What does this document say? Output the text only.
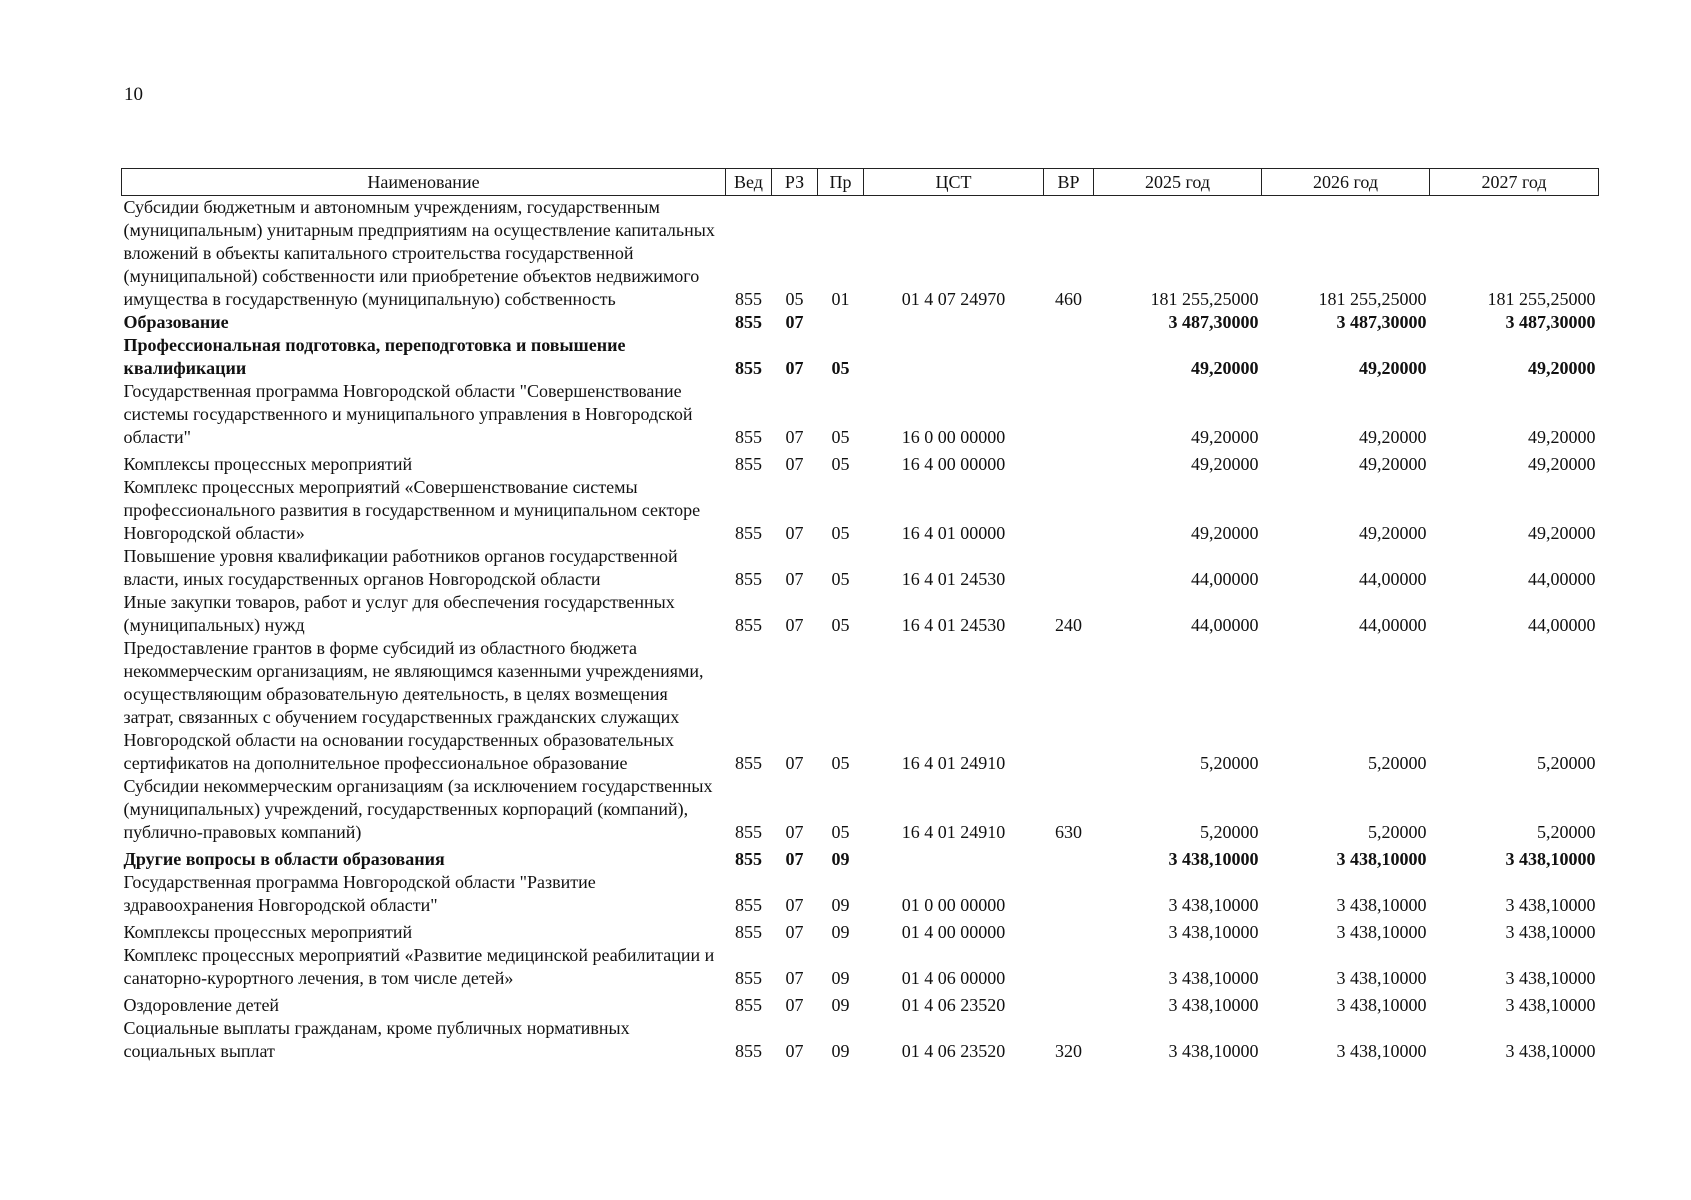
10
Наименование	Вед	РЗ	Пр	ЦСТ	ВР	2025 год	2026 год	2027 год
Субсидии бюджетным и автономным учреждениям, государственным (муниципальным) унитарным предприятиям на осуществление капитальных вложений в объекты капитального строительства государственной (муниципальной) собственности или приобретение объектов недвижимого имущества в государственную (муниципальную) собственность	855	05	01	01 4 07 24970	460	181 255,25000	181 255,25000	181 255,25000
Образование	855	07				3 487,30000	3 487,30000	3 487,30000
Профессиональная подготовка, переподготовка и повышение квалификации	855	07	05			49,20000	49,20000	49,20000
Государственная программа Новгородской области "Совершенствование системы государственного и муниципального управления в Новгородской области"	855	07	05	16 0 00 00000		49,20000	49,20000	49,20000
Комплексы процессных мероприятий	855	07	05	16 4 00 00000		49,20000	49,20000	49,20000
Комплекс процессных мероприятий «Совершенствование системы профессионального развития в государственном и муниципальном секторе Новгородской области»	855	07	05	16 4 01 00000		49,20000	49,20000	49,20000
Повышение уровня квалификации работников органов государственной власти, иных государственных органов Новгородской области	855	07	05	16 4 01 24530		44,00000	44,00000	44,00000
Иные закупки товаров, работ и услуг для обеспечения государственных (муниципальных) нужд	855	07	05	16 4 01 24530	240	44,00000	44,00000	44,00000
Предоставление грантов в форме субсидий из областного бюджета некоммерческим организациям, не являющимся казенными учреждениями, осуществляющим образовательную деятельность, в целях возмещения затрат, связанных с обучением государственных гражданских служащих Новгородской области на основании государственных образовательных сертификатов на дополнительное профессиональное образование	855	07	05	16 4 01 24910		5,20000	5,20000	5,20000
Субсидии некоммерческим организациям (за исключением государственных (муниципальных) учреждений, государственных корпораций (компаний), публично-правовых компаний)	855	07	05	16 4 01 24910	630	5,20000	5,20000	5,20000
Другие вопросы в области образования	855	07	09			3 438,10000	3 438,10000	3 438,10000
Государственная программа Новгородской области "Развитие здравоохранения Новгородской области"	855	07	09	01 0 00 00000		3 438,10000	3 438,10000	3 438,10000
Комплексы процессных мероприятий	855	07	09	01 4 00 00000		3 438,10000	3 438,10000	3 438,10000
Комплекс процессных мероприятий «Развитие медицинской реабилитации и санаторно-курортного лечения, в том числе детей»	855	07	09	01 4 06 00000		3 438,10000	3 438,10000	3 438,10000
Оздоровление детей	855	07	09	01 4 06 23520		3 438,10000	3 438,10000	3 438,10000
Социальные выплаты гражданам, кроме публичных нормативных социальных выплат	855	07	09	01 4 06 23520	320	3 438,10000	3 438,10000	3 438,10000
